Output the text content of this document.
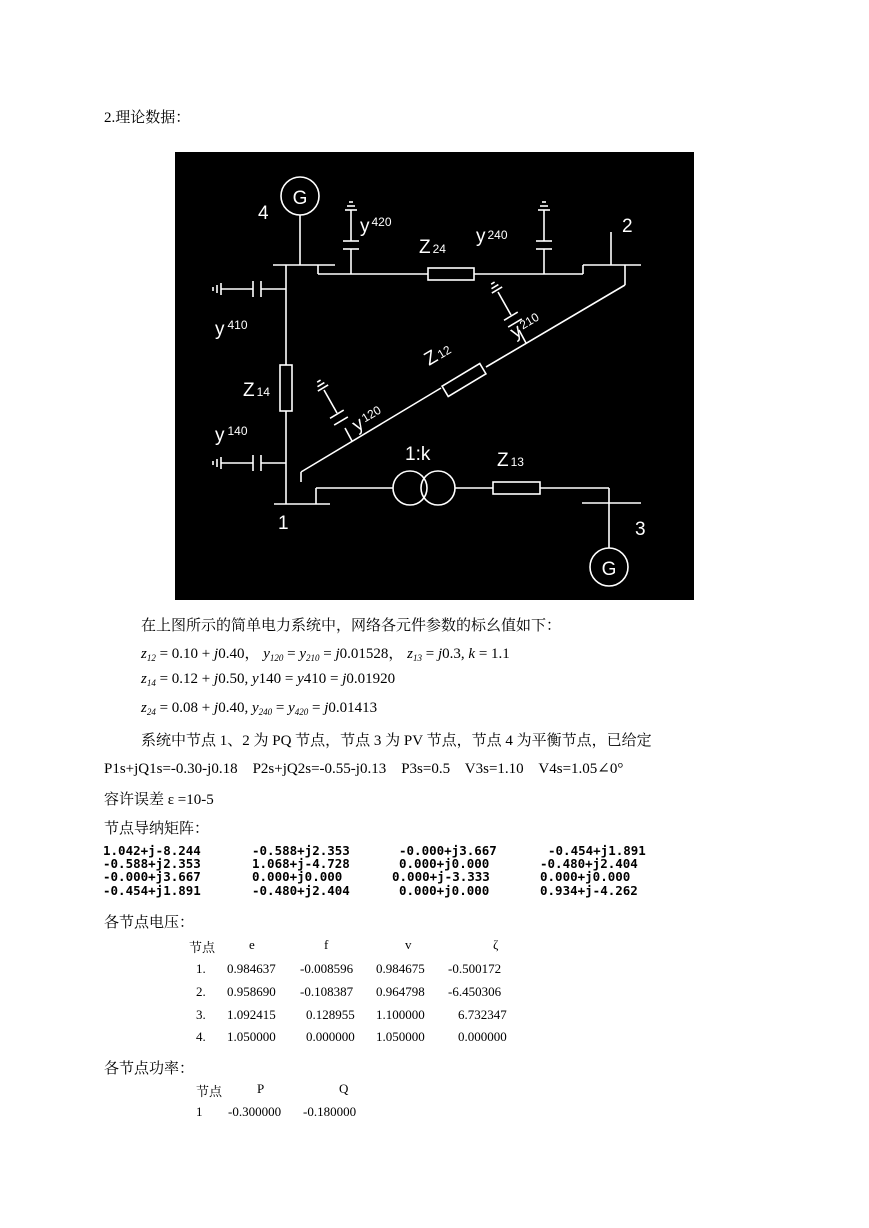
2.理论数据：
G
G
4
2
1	3
Z 24
y 240
y $^{420}$
y $^{410}$
Z 14
y $^{140}$
Z12
$y^{210}$
$y^{120}$
1:k	Z 13
在上图所示的简单电力系统中，网络各元件参数的标幺值如下：
$z_{12} = 0.10 + j0.40$， $y_{120} = y_{210} = j0.01528$， $z_{13} = j0.3$, k = 1.1
$z_{14} = 0.12 + j0.50$, y140 = y410 = j0.01920
$z_{24} = 0.08 + j0.40$, $y_{240} = y_{420} = j0.01413$
系统中节点 1、2 为 PQ 节点，节点 3 为 PV 节点，节点 4 为平衡节点，已给定
P1s+jQ1s=-0.30-j0.18    P2s+jQ2s=-0.55-j0.13    P3s=0.5    V3s=1.10    V4s=1.05∠0°
容许误差 ε =10-5
节点导纳矩阵：
1.042+j-8.244	-0.588+j2.353	-0.000+j3.667	-0.454+j1.891
-0.588+j2.353	1.068+j-4.728	0.000+j0.000	-0.480+j2.404
-0.000+j3.667	0.000+j0.000	0.000+j-3.333	0.000+j0.000
-0.454+j1.891	-0.480+j2.404	0.000+j0.000	0.934+j-4.262
各节点电压：
节点	e	f	v	ζ
1. 0.984637 -0.008596 0.984675 -0.500172
2. 0.958690 -0.108387 0.964798 -6.450306
3. 1.092415 0.128955 1.100000	6.732347
4. 1.050000 0.000000 1.050000	0.000000
各节点功率：
节点	P	Q
1 -0.300000 -0.180000
